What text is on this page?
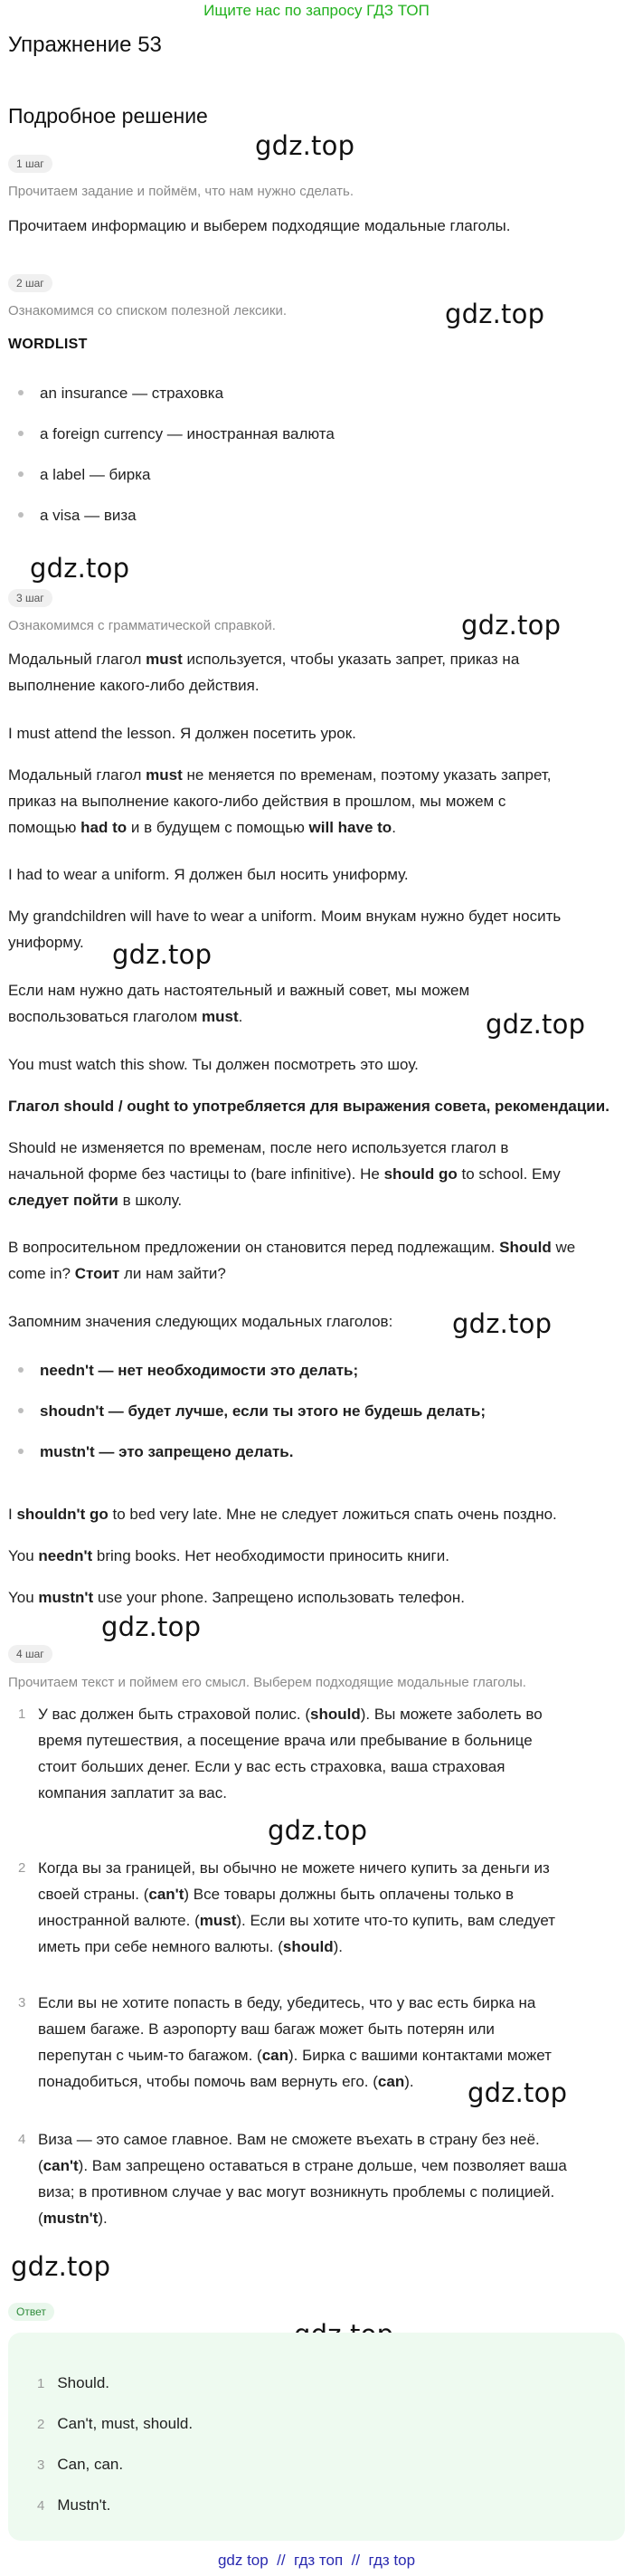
Ищите нас по запросу ГДЗ ТОП
Упражнение 53
Подробное решение
gdz.top
gdz.top
gdz.top
gdz.top
gdz.top
gdz.top
gdz.top
gdz.top
gdz.top
gdz.top
gdz.top
1 шаг
Прочитаем задание и поймём, что нам нужно сделать.
Прочитаем информацию и выберем подходящие модальные глаголы.
2 шаг
Ознакомимся со списком полезной лексики.
WORDLIST
an insurance — страховка
a foreign currency — иностранная валюта
a label — бирка
a visa — виза
3 шаг
Ознакомимся с грамматической справкой.
Модальный глагол must используется, чтобы указать запрет, приказ на
выполнение какого-либо действия.
I must attend the lesson. Я должен посетить урок.
Модальный глагол must не меняется по временам, поэтому указать запрет,
приказ на выполнение какого-либо действия в прошлом, мы можем с
помощью had to и в будущем с помощью will have to.
I had to wear a uniform. Я должен был носить униформу.
My grandchildren will have to wear a uniform. Моим внукам нужно будет носить
униформу.
Если нам нужно дать настоятельный и важный совет, мы можем
воспользоваться глаголом must.
You must watch this show. Ты должен посмотреть это шоу.
Глагол should / ought to употребляется для выражения совета, рекомендации.
Should не изменяется по временам, после него используется глагол в
начальной форме без частицы to (bare infinitive). He should go to school. Ему
следует пойти в школу.
В вопросительном предложении он становится перед подлежащим. Should we
come in? Стоит ли нам зайти?
Запомним значения следующих модальных глаголов:
needn't — нет необходимости это делать;
shoudn't — будет лучше, если ты этого не будешь делать;
mustn't — это запрещено делать.
I shouldn't go to bed very late. Мне не следует ложиться спать очень поздно.
You needn't bring books. Нет необходимости приносить книги.
You mustn't use your phone. Запрещено использовать телефон.
4 шаг
Прочитаем текст и поймем его смысл. Выберем подходящие модальные глаголы.
1 У вас должен быть страховой полис. (should). Вы можете заболеть во
время путешествия, а посещение врача или пребывание в больнице
стоит больших денег. Если у вас есть страховка, ваша страховая
компания заплатит за вас.
2 Когда вы за границей, вы обычно не можете ничего купить за деньги из
своей страны. (can't) Все товары должны быть оплачены только в
иностранной валюте. (must). Если вы хотите что-то купить, вам следует
иметь при себе немного валюты. (should).
3 Если вы не хотите попасть в беду, убедитесь, что у вас есть бирка на
вашем багаже. В аэропорту ваш багаж может быть потерян или
перепутан с чьим-то багажом. (can). Бирка с вашими контактами может
понадобиться, чтобы помочь вам вернуть его. (can).
4 Виза — это самое главное. Вам не сможете въехать в страну без неё.
(can't). Вам запрещено оставаться в стране дольше, чем позволяет ваша
виза; в противном случае у вас могут возникнуть проблемы с полицией.
(mustn't).
Ответ
1 Should.
2 Can't, must, should.
3 Can, can.
4 Mustn't.
gdz top  //  гдз топ  //  гдз top
